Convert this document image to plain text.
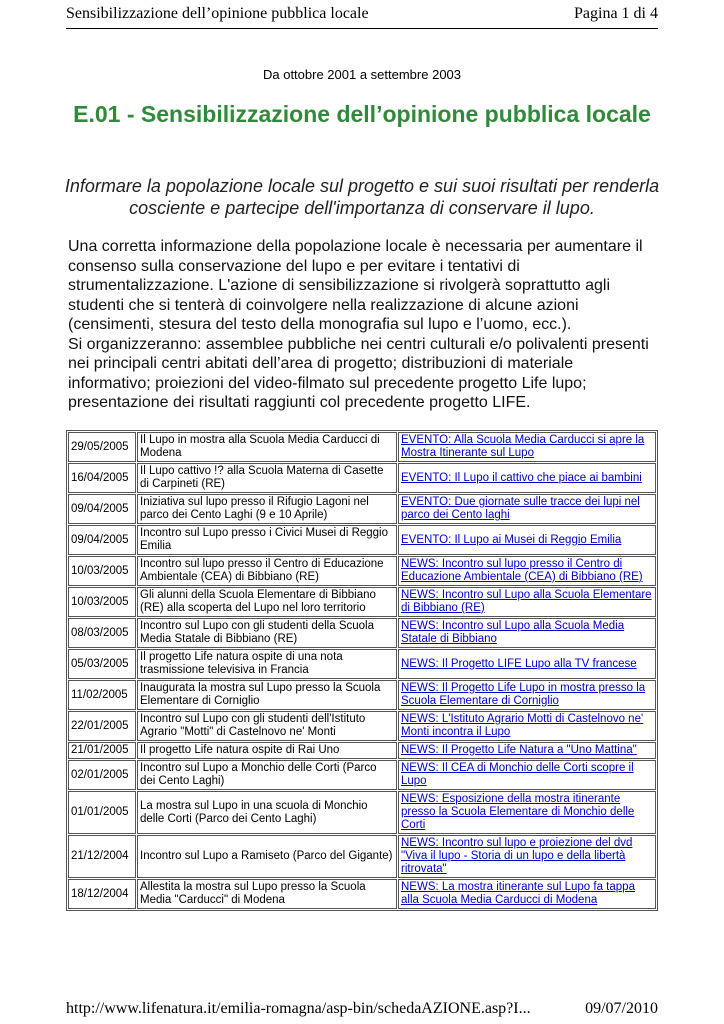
Sensibilizzazione dell’opinione pubblica locale	Pagina 1 di 4
Da ottobre 2001 a settembre 2003
E.01 - Sensibilizzazione dell’opinione pubblica locale
Informare la popolazione locale sul progetto e sui suoi risultati per renderla cosciente e partecipe dell'importanza di conservare il lupo.
Una corretta informazione della popolazione locale è necessaria per aumentare il consenso sulla conservazione del lupo e per evitare i tentativi di strumentalizzazione. L'azione di sensibilizzazione si rivolgerà soprattutto agli studenti che si tenterà di coinvolgere nella realizzazione di alcune azioni (censimenti, stesura del testo della monografia sul lupo e l’uomo, ecc.).
Si organizzeranno: assemblee pubbliche nei centri culturali e/o polivalenti presenti nei principali centri abitati dell’area di progetto; distribuzioni di materiale informativo; proiezioni del video-filmato sul precedente progetto Life lupo; presentazione dei risultati raggiunti col precedente progetto LIFE.
29/05/2005	Il Lupo in mostra alla Scuola Media Carducci di Modena	EVENTO: Alla Scuola Media Carducci si apre la Mostra Itinerante sul Lupo
16/04/2005	Il Lupo cattivo !? alla Scuola Materna di Casette di Carpineti (RE)	EVENTO: Il Lupo il cattivo che piace ai bambini
09/04/2005	Iniziativa sul lupo presso il Rifugio Lagoni nel parco dei Cento Laghi (9 e 10 Aprile)	EVENTO: Due giornate sulle tracce dei lupi nel parco dei Cento laghi
09/04/2005	Incontro sul Lupo presso i Civici Musei di Reggio Emilia	EVENTO: Il Lupo ai Musei di Reggio Emilia
10/03/2005	Incontro sul lupo presso il Centro di Educazione Ambientale (CEA) di Bibbiano (RE)	NEWS: Incontro sul lupo presso il Centro di Educazione Ambientale (CEA) di Bibbiano (RE)
10/03/2005	Gli alunni della Scuola Elementare di Bibbiano (RE) alla scoperta del Lupo nel loro territorio	NEWS: Incontro sul Lupo alla Scuola Elementare di Bibbiano (RE)
08/03/2005	Incontro sul Lupo con gli studenti della Scuola Media Statale di Bibbiano (RE)	NEWS: Incontro sul Lupo alla Scuola Media Statale di Bibbiano
05/03/2005	Il progetto Life natura ospite di una nota trasmissione televisiva in Francia	NEWS: Il Progetto LIFE Lupo alla TV francese
11/02/2005	Inaugurata la mostra sul Lupo presso la Scuola Elementare di Corniglio	NEWS: Il Progetto Life Lupo in mostra presso la Scuola Elementare di Corniglio
22/01/2005	Incontro sul Lupo con gli studenti dell'Istituto Agrario "Motti" di Castelnovo ne' Monti	NEWS: L'Istituto Agrario Motti di Castelnovo ne' Monti incontra il Lupo
21/01/2005	Il progetto Life natura ospite di Rai Uno	NEWS: Il Progetto Life Natura a "Uno Mattina"
02/01/2005	Incontro sul Lupo a Monchio delle Corti (Parco dei Cento Laghi)	NEWS: Il CEA di Monchio delle Corti scopre il Lupo
01/01/2005	La mostra sul Lupo in una scuola di Monchio delle Corti (Parco dei Cento Laghi)	NEWS: Esposizione della mostra itinerante presso la Scuola Elementare di Monchio delle Corti
21/12/2004	Incontro sul Lupo a Ramiseto (Parco del Gigante)	NEWS: Incontro sul lupo e proiezione del dvd "Viva il lupo - Storia di un lupo e della libertà ritrovata"
18/12/2004	Allestita la mostra sul Lupo presso la Scuola Media "Carducci" di Modena	NEWS: La mostra itinerante sul Lupo fa tappa alla Scuola Media Carducci di Modena
http://www.lifenatura.it/emilia-romagna/asp-bin/schedaAZIONE.asp?I...	09/07/2010
